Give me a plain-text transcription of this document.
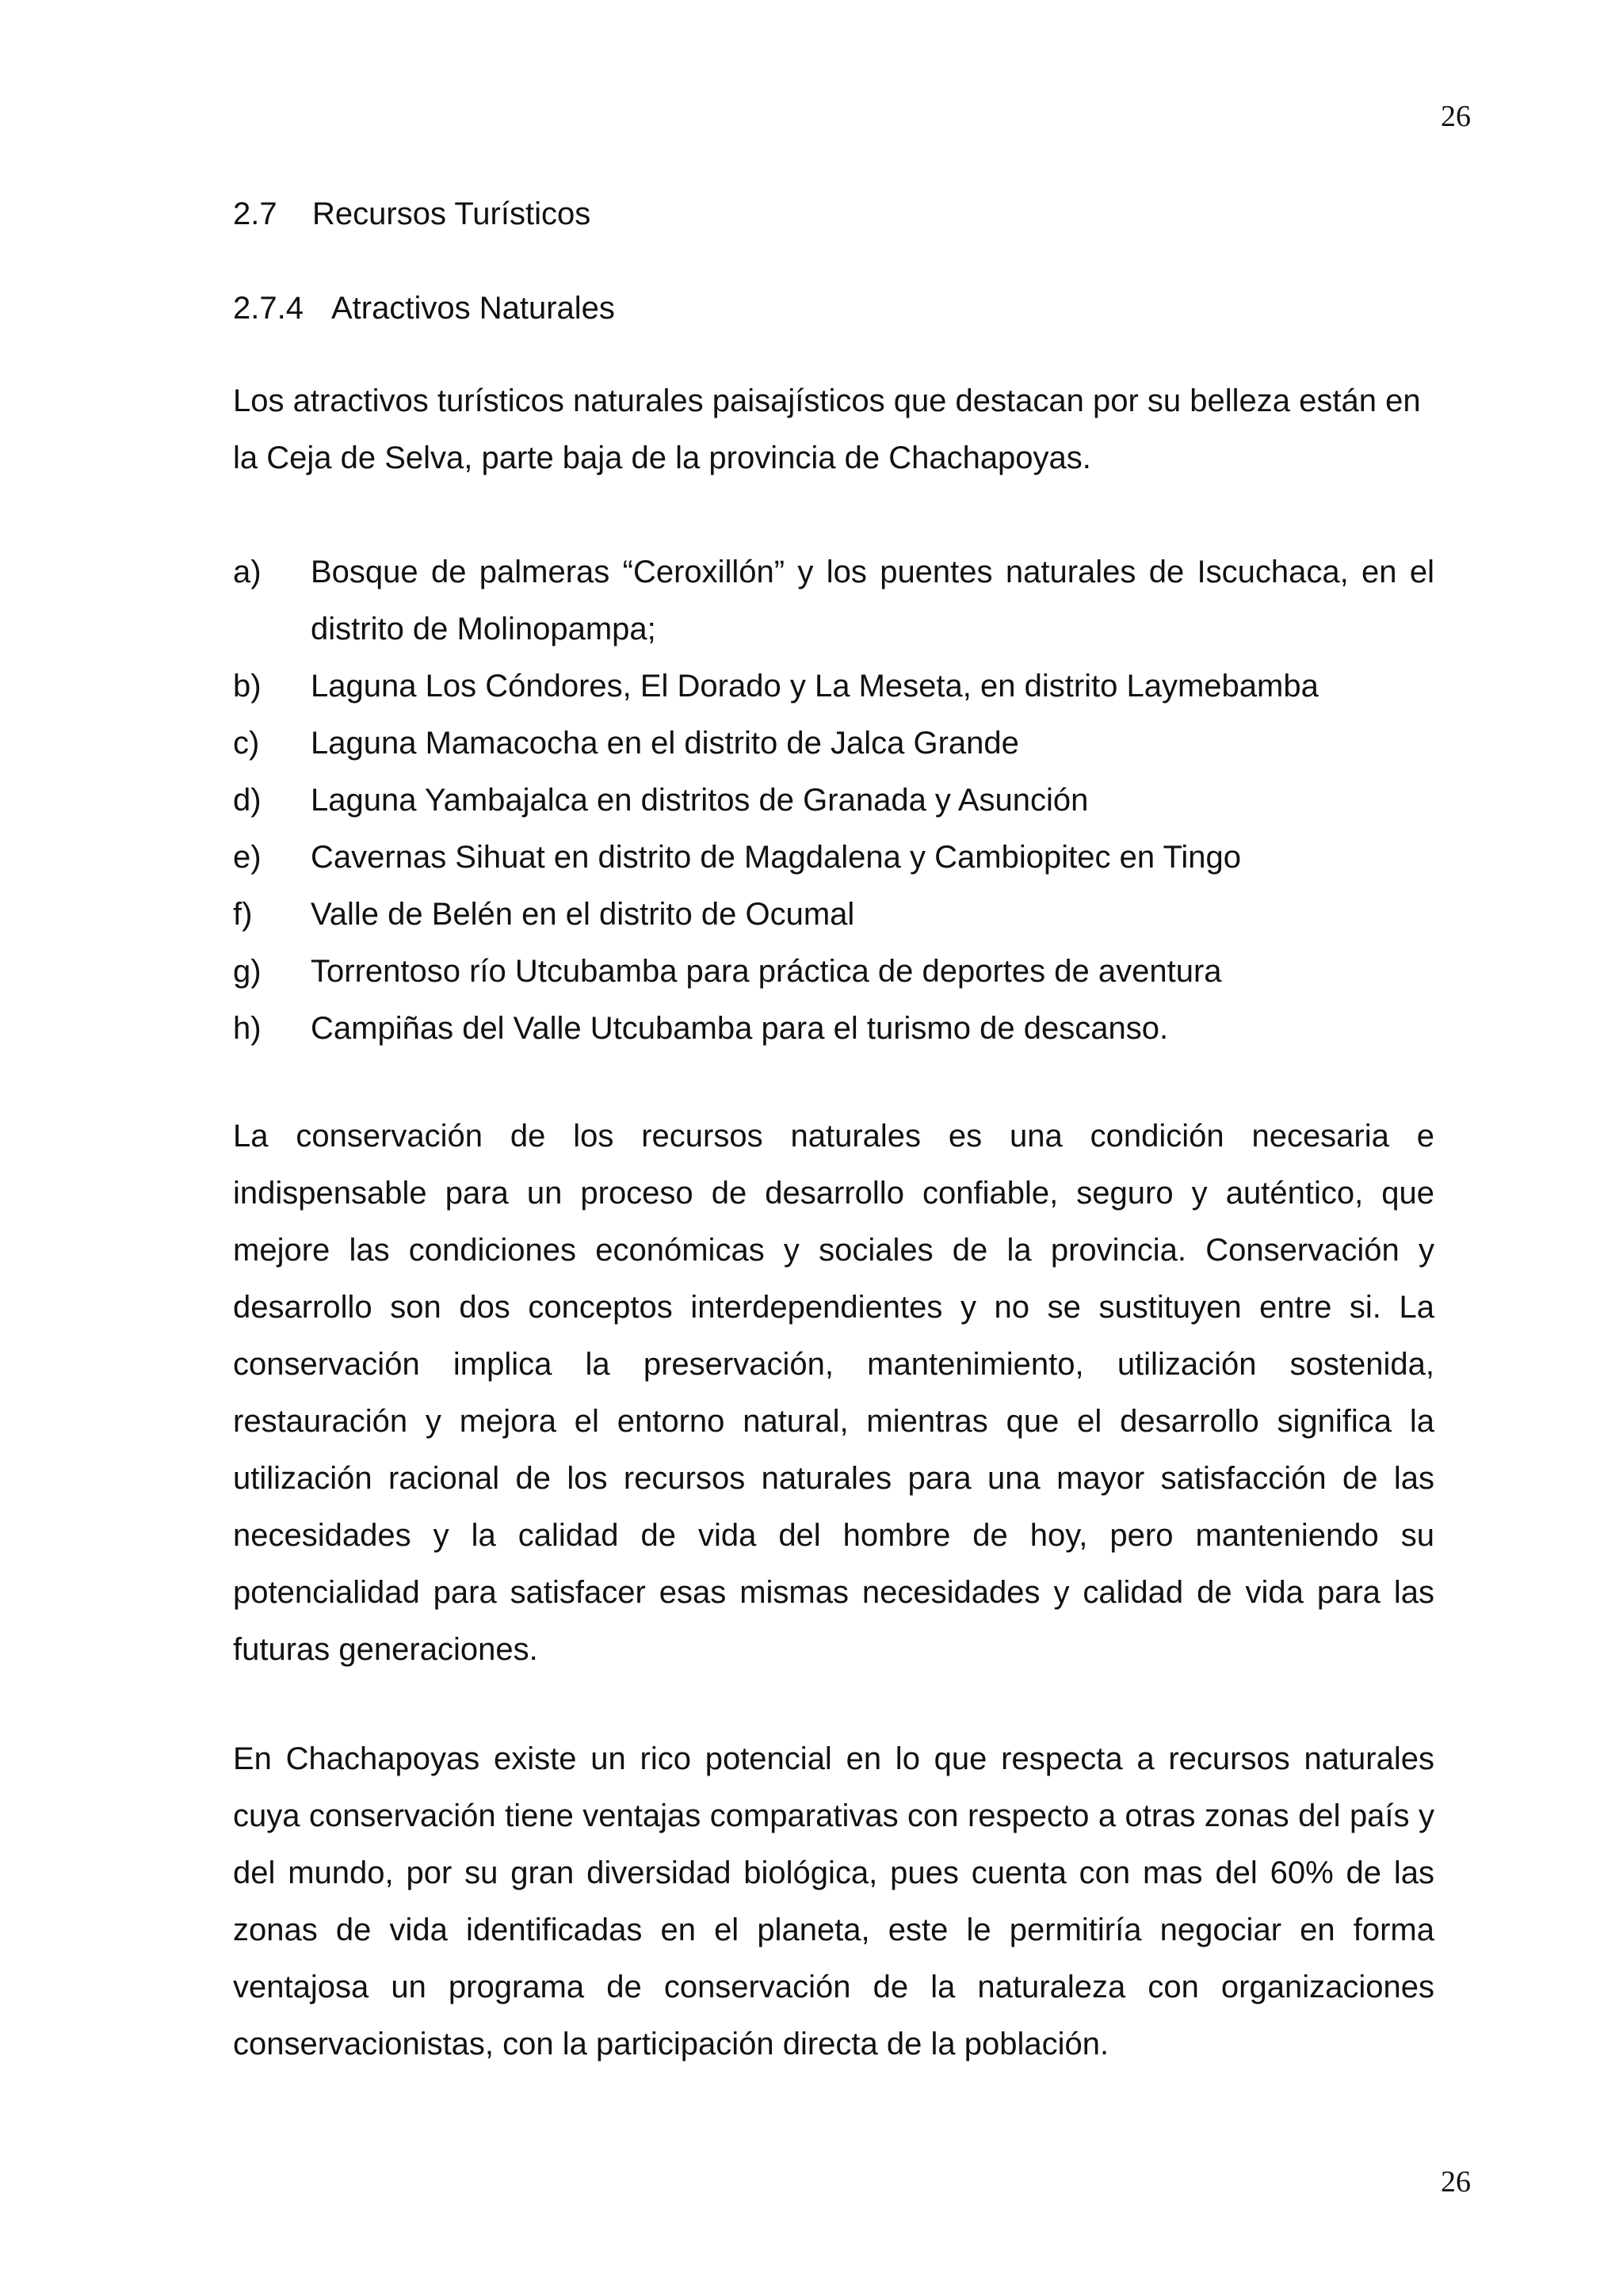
26
2.7 Recursos Turísticos
2.7.4 Atractivos Naturales

Los atractivos turísticos naturales paisajísticos que destacan por su belleza están en la Ceja de Selva, parte baja de la provincia de Chachapoyas.

a)	Bosque de palmeras “Ceroxillón” y los puentes naturales de Iscuchaca, en el distrito de Molinopampa;
b)	Laguna Los Cóndores, El Dorado y La Meseta, en distrito Laymebamba
c)	Laguna Mamacocha en el distrito de Jalca Grande
d)	Laguna Yambajalca en distritos de Granada y Asunción
e)	Cavernas Sihuat en distrito de Magdalena y Cambiopitec en Tingo
f)	Valle de Belén en el distrito de Ocumal
g)	Torrentoso río Utcubamba para práctica de deportes de aventura
h)	Campiñas del Valle Utcubamba para el turismo de descanso.

La conservación de los recursos naturales es una condición necesaria e indispensable para un proceso de desarrollo confiable, seguro y auténtico, que mejore las condiciones económicas y sociales de la provincia. Conservación y desarrollo son dos conceptos interdependientes y no se sustituyen entre si. La conservación implica la preservación, mantenimiento, utilización sostenida, restauración y mejora el entorno natural, mientras que el desarrollo significa la utilización racional de los recursos naturales para una mayor satisfacción de las necesidades y la calidad de vida del hombre de hoy, pero manteniendo su potencialidad para satisfacer esas mismas necesidades y calidad de vida para las futuras generaciones.

En Chachapoyas existe un rico potencial en lo que respecta a recursos naturales cuya conservación tiene ventajas comparativas con respecto a otras zonas del país y del mundo, por su gran diversidad biológica, pues cuenta con mas del 60% de las zonas de vida identificadas en el planeta, este le permitiría negociar en forma ventajosa un programa de conservación de la naturaleza con organizaciones conservacionistas, con la participación directa de la población.

26
